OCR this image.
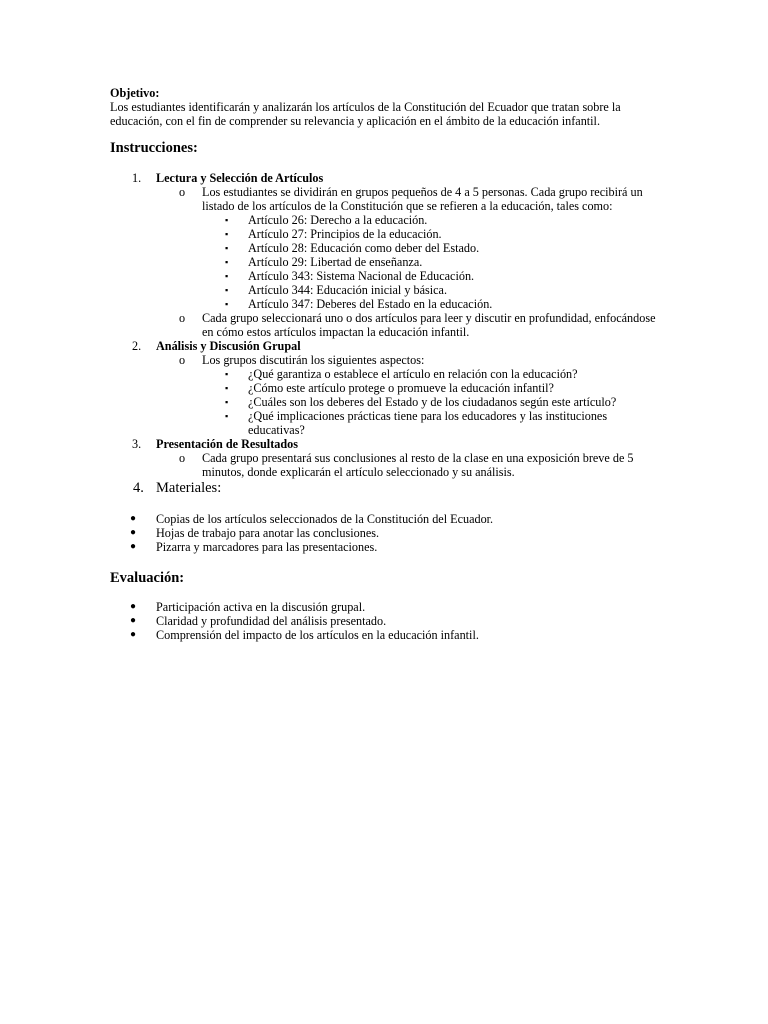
Objetivo:

Los estudiantes identificarán y analizarán los artículos de la Constitución del Ecuador que tratan sobre la educación, con el fin de comprender su relevancia y aplicación en el ámbito de la educación infantil.

Instrucciones:

1.	Lectura y Selección de Artículos
o Los estudiantes se dividirán en grupos pequeños de 4 a 5 personas. Cada grupo recibirá un listado de los artículos de la Constitución que se refieren a la educación, tales como:
▪ Artículo 26: Derecho a la educación.
▪ Artículo 27: Principios de la educación.
▪ Artículo 28: Educación como deber del Estado.
▪ Artículo 29: Libertad de enseñanza.
▪ Artículo 343: Sistema Nacional de Educación.
▪ Artículo 344: Educación inicial y básica.
▪ Artículo 347: Deberes del Estado en la educación.
o Cada grupo seleccionará uno o dos artículos para leer y discutir en profundidad, enfocándose en cómo estos artículos impactan la educación infantil.
2.	Análisis y Discusión Grupal
o Los grupos discutirán los siguientes aspectos:
▪ ¿Qué garantiza o establece el artículo en relación con la educación?
▪ ¿Cómo este artículo protege o promueve la educación infantil?
▪ ¿Cuáles son los deberes del Estado y de los ciudadanos según este artículo?
▪ ¿Qué implicaciones prácticas tiene para los educadores y las instituciones educativas?
3.	Presentación de Resultados
o Cada grupo presentará sus conclusiones al resto de la clase en una exposición breve de 5 minutos, donde explicarán el artículo seleccionado y su análisis.
4. Materiales:
● Copias de los artículos seleccionados de la Constitución del Ecuador.
● Hojas de trabajo para anotar las conclusiones.
● Pizarra y marcadores para las presentaciones.

Evaluación:

● Participación activa en la discusión grupal.
● Claridad y profundidad del análisis presentado.
● Comprensión del impacto de los artículos en la educación infantil.
